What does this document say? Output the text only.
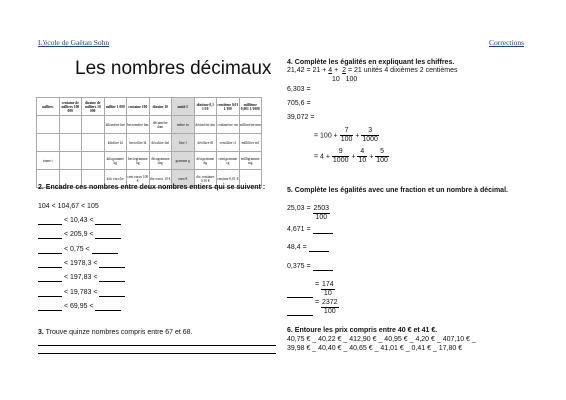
L'école de Gaëtan Sohn	Corrections
Les nombres décimaux
milliers	centaine de milliers 100 000	dizaine de milliers 10 000	millier 1 000	centaine 100	dizaine 10	unité 1	dixième 0,1 1/10	centième 0,01 1/100	millième 0,001 1/1000
			kilomètre km	hectomètre hm	décamètre dam	mètre m	décimètre dm	centimètre cm	millimètre mm
			kilolitre kl	hectolitre hl	décalitre dal	litre l	décilitre dl	centilitre cl	millilitre ml
tonne t			kilogramme kg	hectogramme hg	décagramme dag	gramme g	décigramme dg	centigramme cg	milligramme mg
			kilo euro ke	cent euros 100 €	dix euros 10 €	euro €	dix centimes 0,10 €	centime 0,01 €	
2. Encadre ces nombres entre deux nombres entiers qui se suivent :
104 < 104,67 < 105
< 10,43 <
< 205,9 <
< 0,75 <
< 1978,3 <
< 197,83 <
< 19,783 <
< 69,95 <
3. Trouve quinze nombres compris entre 67 et 68.
4. Complète les égalités en expliquant les chiffres.
21,42 = 21 + 4 +  2 = 21 unités 4 dixièmes 2 centièmes
10 100
6,303 =
705,6 =
39,072 =
= $100 + \frac{7}{100} + \frac{3}{1000}$
= $4 + \frac{9}{1000} + \frac{4}{10} + \frac{5}{100}$
5. Complète les égalités avec une fraction et un nombre à décimal.
$25,03 = \frac{2503}{100}$
4,671 =
48,4 =
0,375 =
= $\frac{174}{10}$
= $\frac{2372}{100}$
6. Entoure les prix compris entre 40 € et 41 €.
40,75 € _ 40,22 € _ 412,90 € _ 40,95 € _ 4,20 € _ 407,10 € _
39,98 € _ 40,40 € _ 40,65 € _ 41,01 € _ 0,41 € _ 17,80 €
